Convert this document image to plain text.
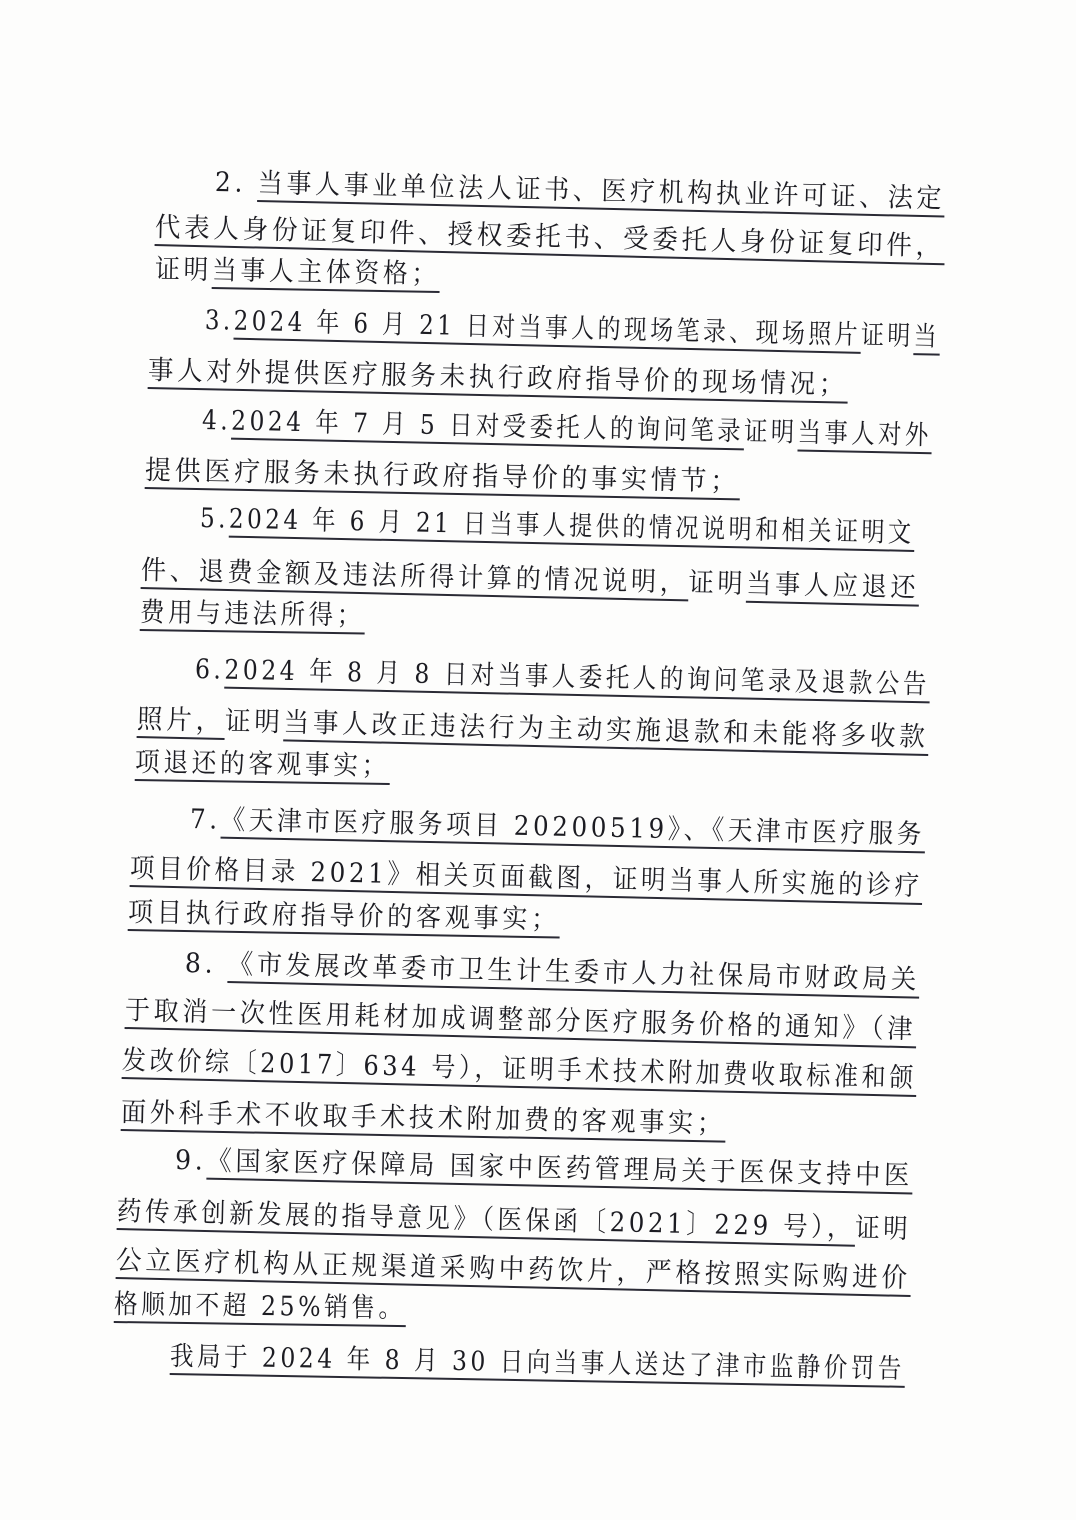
2. 当事人事业单位法人证书、医疗机构执业许可证、法定
代表人身份证复印件、授权委托书、受委托人身份证复印件，
证明当事人主体资格；
3.2024 年 6 月 21 日对当事人的现场笔录、现场照片证明当
事人对外提供医疗服务未执行政府指导价的现场情况；
4.2024 年 7 月 5 日对受委托人的询问笔录证明当事人对外
提供医疗服务未执行政府指导价的事实情节；
5.2024 年 6 月 21 日当事人提供的情况说明和相关证明文
件、退费金额及违法所得计算的情况说明，证明当事人应退还
费用与违法所得；
6.2024 年 8 月 8 日对当事人委托人的询问笔录及退款公告
照片，证明当事人改正违法行为主动实施退款和未能将多收款
项退还的客观事实；
7.《天津市医疗服务项目 20200519》、《天津市医疗服务
项目价格目录 2021》相关页面截图，证明当事人所实施的诊疗
项目执行政府指导价的客观事实；
8. 《市发展改革委市卫生计生委市人力社保局市财政局关
于取消一次性医用耗材加成调整部分医疗服务价格的通知》（津
发改价综〔2017〕634 号），证明手术技术附加费收取标准和颌
面外科手术不收取手术技术附加费的客观事实；
9.《国家医疗保障局 国家中医药管理局关于医保支持中医
药传承创新发展的指导意见》（医保函〔2021〕229 号），证明
公立医疗机构从正规渠道采购中药饮片，严格按照实际购进价
格顺加不超 25%销售。
我局于 2024 年 8 月 30 日向当事人送达了津市监静价罚告
